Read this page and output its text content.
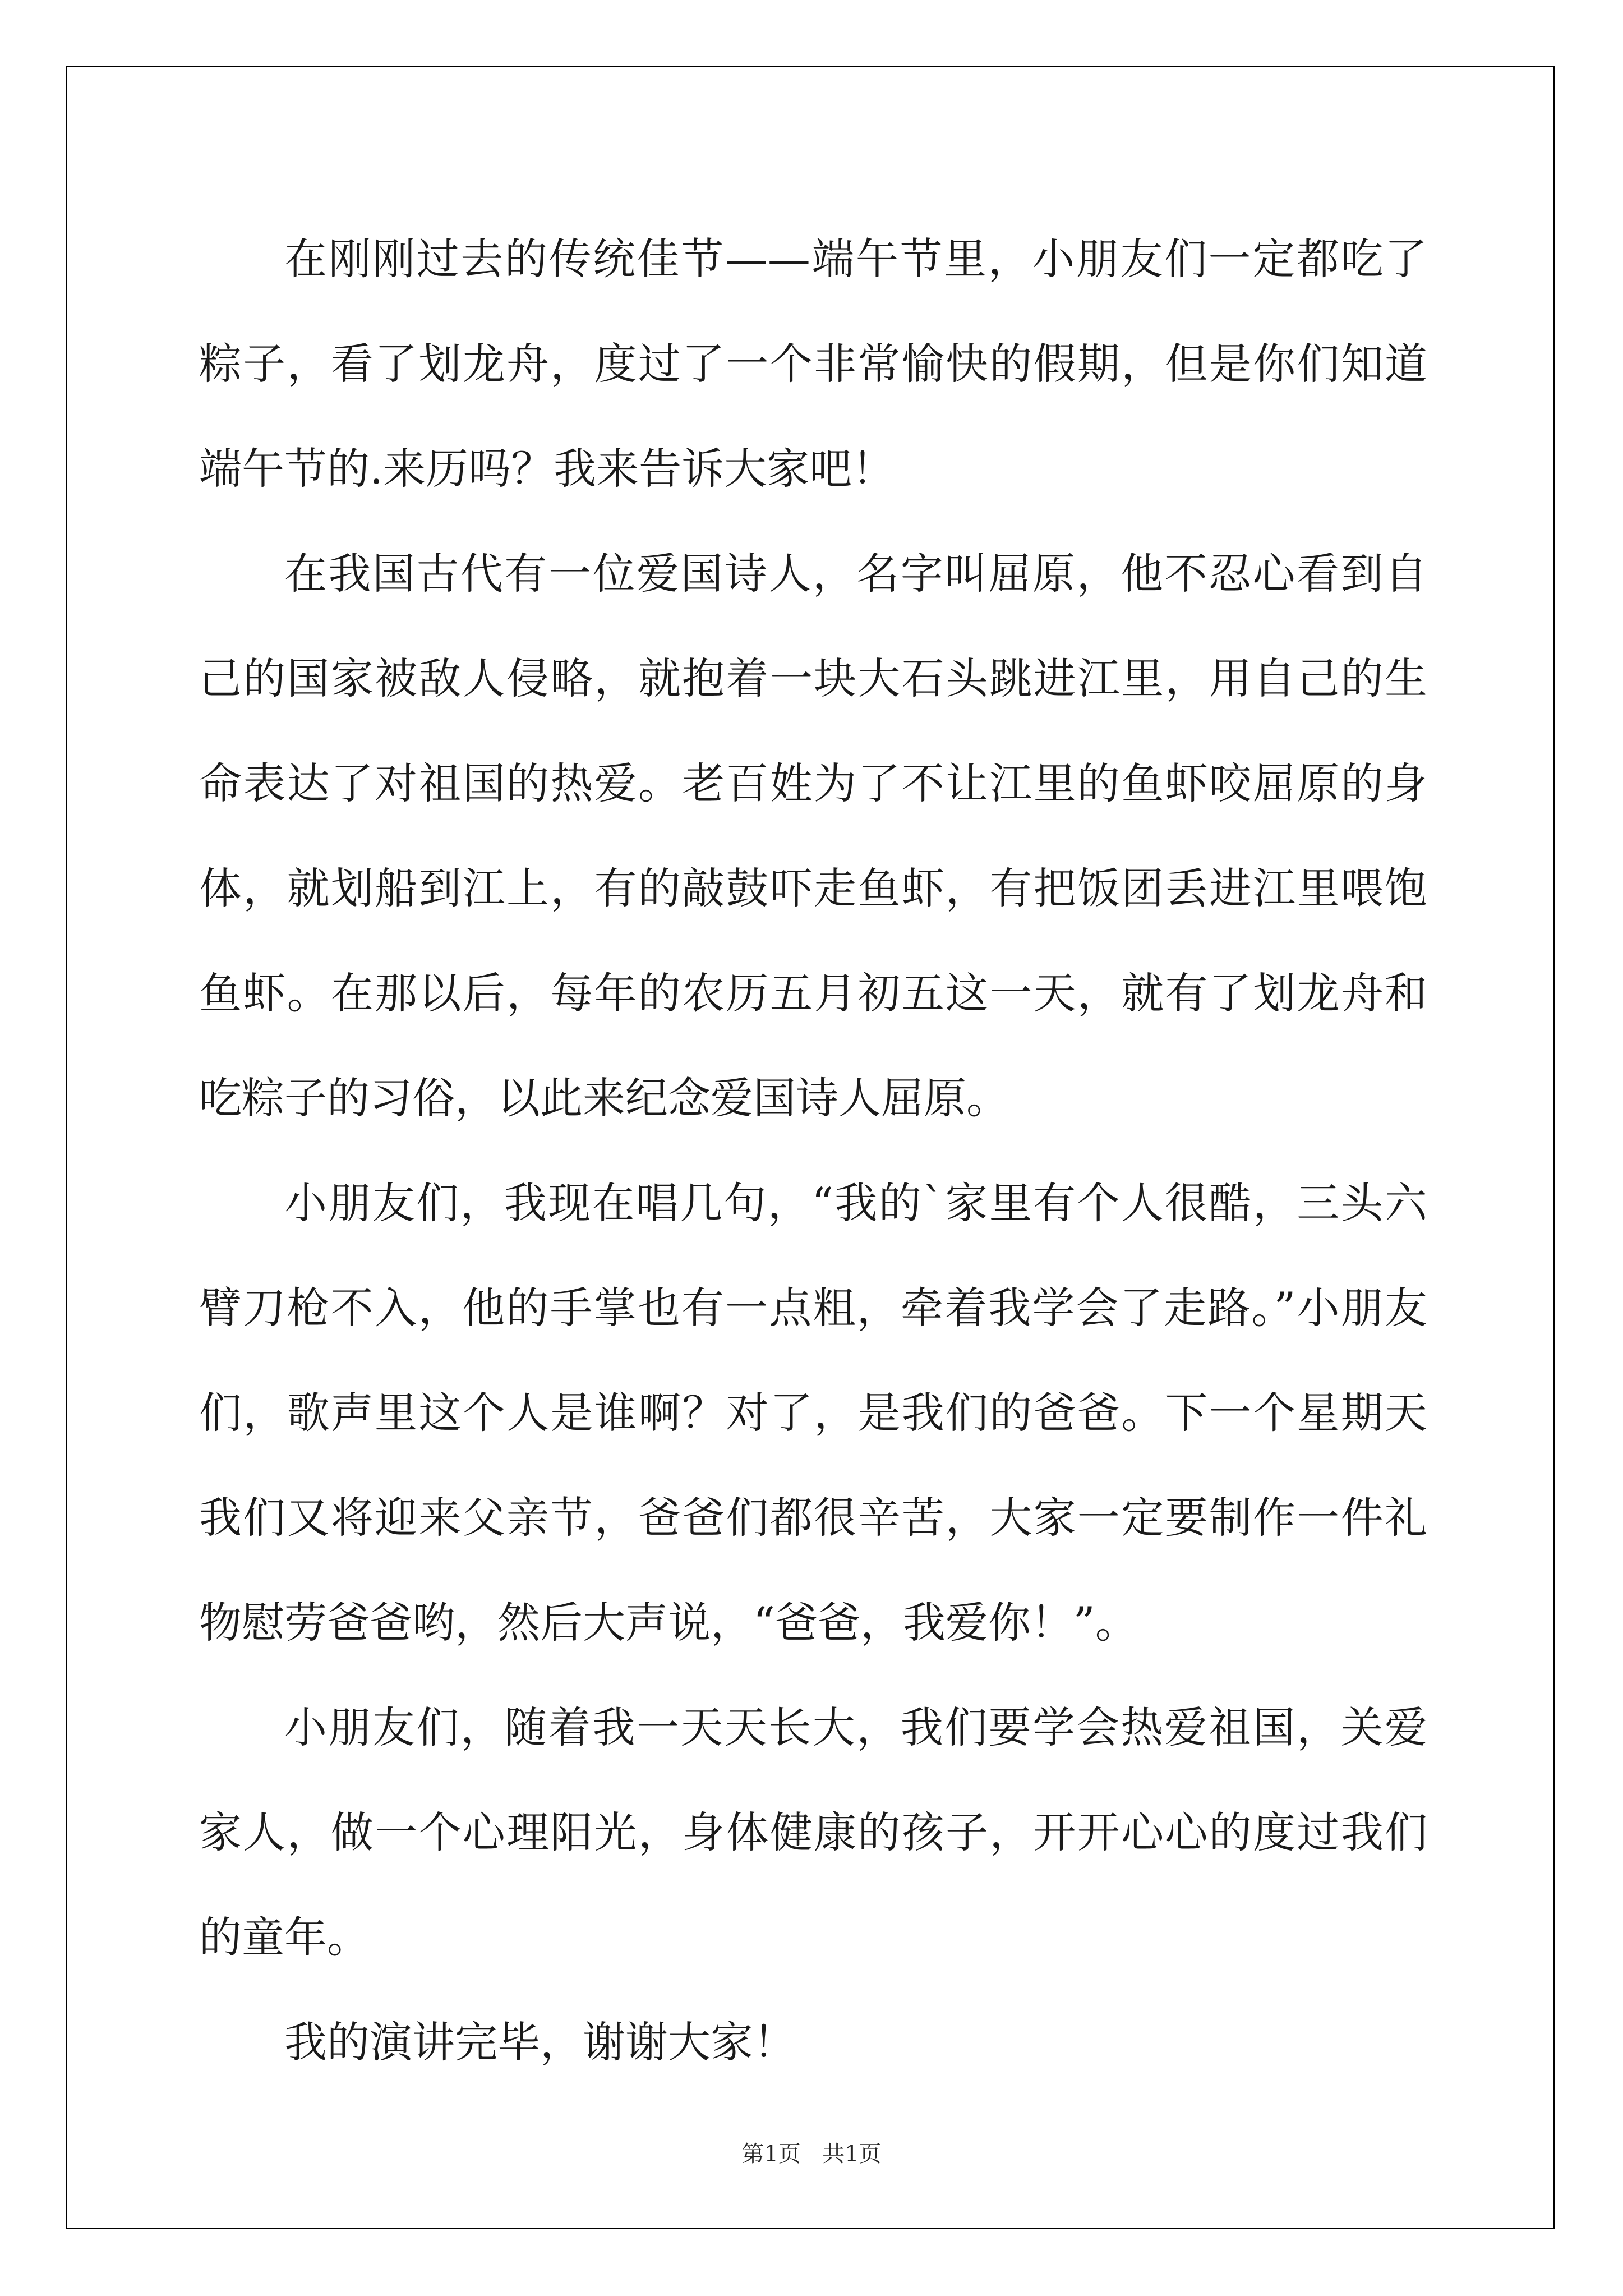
在刚刚过去的传统佳节——端午节里，小朋友们一定都吃了粽子，看了划龙舟，度过了一个非常愉快的假期，但是你们知道端午节的.来历吗？我来告诉大家吧！

在我国古代有一位爱国诗人，名字叫屈原，他不忍心看到自己的国家被敌人侵略，就抱着一块大石头跳进江里，用自己的生命表达了对祖国的热爱。老百姓为了不让江里的鱼虾咬屈原的身体，就划船到江上，有的敲鼓吓走鱼虾，有把饭团丢进江里喂饱鱼虾。在那以后，每年的农历五月初五这一天，就有了划龙舟和吃粽子的习俗，以此来纪念爱国诗人屈原。

小朋友们，我现在唱几句，“我的`家里有个人很酷，三头六臂刀枪不入，他的手掌也有一点粗，牵着我学会了走路。”小朋友们，歌声里这个人是谁啊？对了，是我们的爸爸。下一个星期天我们又将迎来父亲节，爸爸们都很辛苦，大家一定要制作一件礼物慰劳爸爸哟，然后大声说，“爸爸，我爱你！”。

小朋友们，随着我一天天长大，我们要学会热爱祖国，关爱家人，做一个心理阳光，身体健康的孩子，开开心心的度过我们的童年。

我的演讲完毕，谢谢大家！

第1页 共1页
